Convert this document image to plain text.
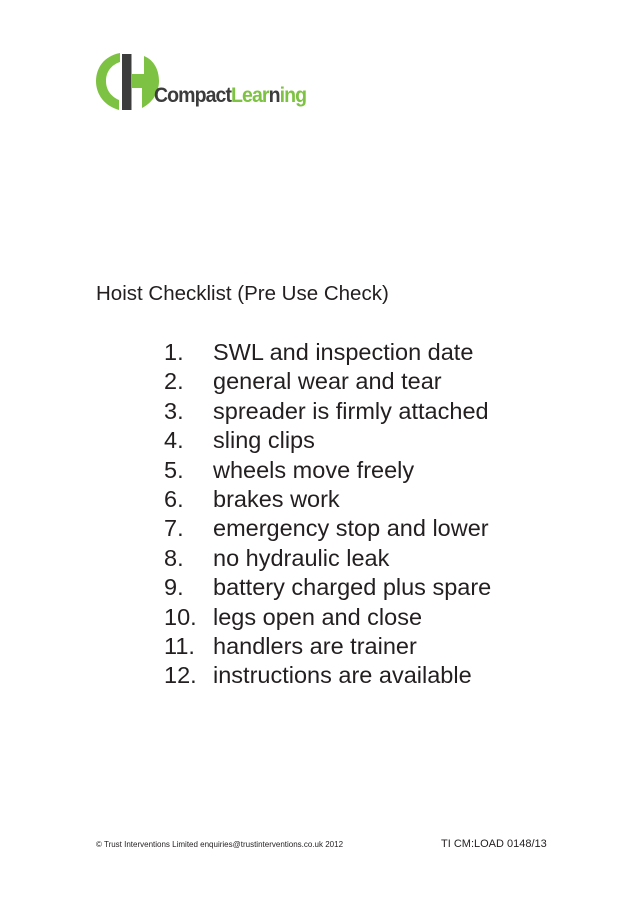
CompactLearning
Hoist Checklist (Pre Use Check)
1. SWL and inspection date
2. general wear and tear
3. spreader is firmly attached
4. sling clips
5. wheels move freely
6. brakes work
7. emergency stop and lower
8. no hydraulic leak
9. battery charged plus spare
10. legs open and close
11. handlers are trainer
12. instructions are available
© Trust Interventions Limited enquiries@trustinterventions.co.uk 2012	TI CM:LOAD 0148/13
